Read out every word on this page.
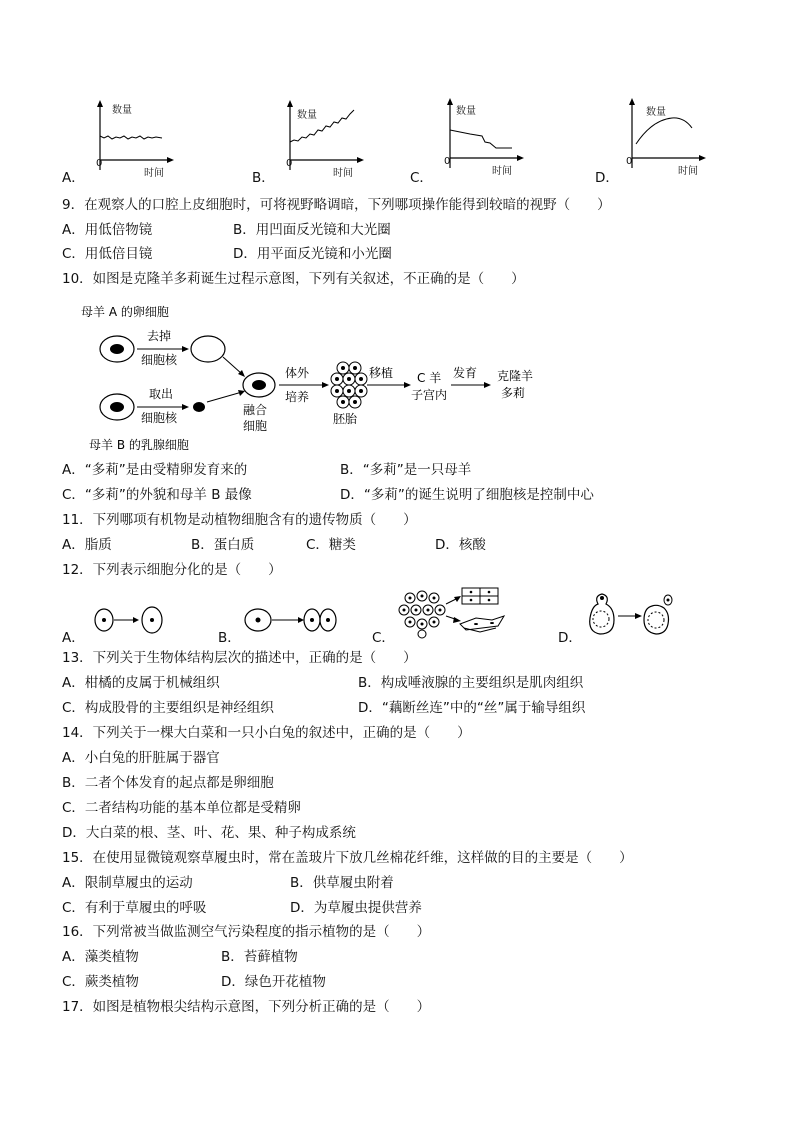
A．
数量
0
时间	B．
数量
0
时间	C．
数量
0
时间	D．
数量
0
时间
9．在观察人的口腔上皮细胞时，可将视野略调暗，下列哪项操作能得到较暗的视野（　　）
A．用低倍物镜	B．用凹面反光镜和大光圈
C．用低倍目镜	D．用平面反光镜和小光圈
10．如图是克隆羊多莉诞生过程示意图，下列有关叙述，不正确的是（　　）
母羊 A 的卵细胞
去掉
细胞核
取出
细胞核
融合
细胞
体外
培养
胚胎
移植 C 羊
子宫内
发育 克隆羊
多莉
母羊 B 的乳腺细胞
A．“多莉”是由受精卵发育来的	B．“多莉”是一只母羊
C．“多莉”的外貌和母羊 B 最像	D．“多莉”的诞生说明了细胞核是控制中心
11．下列哪项有机物是动植物细胞含有的遗传物质（　　）
A．脂质	B．蛋白质	C．糖类	D．核酸
12．下列表示细胞分化的是（　　）
A．	B．	C．	D．
13．下列关于生物体结构层次的描述中，正确的是（　　）
A．柑橘的皮属于机械组织	B．构成唾液腺的主要组织是肌肉组织
C．构成股骨的主要组织是神经组织	D．“藕断丝连”中的“丝”属于输导组织
14．下列关于一棵大白菜和一只小白兔的叙述中，正确的是（　　）
A．小白兔的肝脏属于器官
B．二者个体发育的起点都是卵细胞
C．二者结构功能的基本单位都是受精卵
D．大白菜的根、茎、叶、花、果、种子构成系统
15．在使用显微镜观察草履虫时，常在盖玻片下放几丝棉花纤维，这样做的目的主要是（　　）
A．限制草履虫的运动	B．供草履虫附着
C．有利于草履虫的呼吸	D．为草履虫提供营养
16．下列常被当做监测空气污染程度的指示植物的是（　　）
A．藻类植物	B．苔藓植物
C．蕨类植物	D．绿色开花植物
17．如图是植物根尖结构示意图，下列分析正确的是（　　）
